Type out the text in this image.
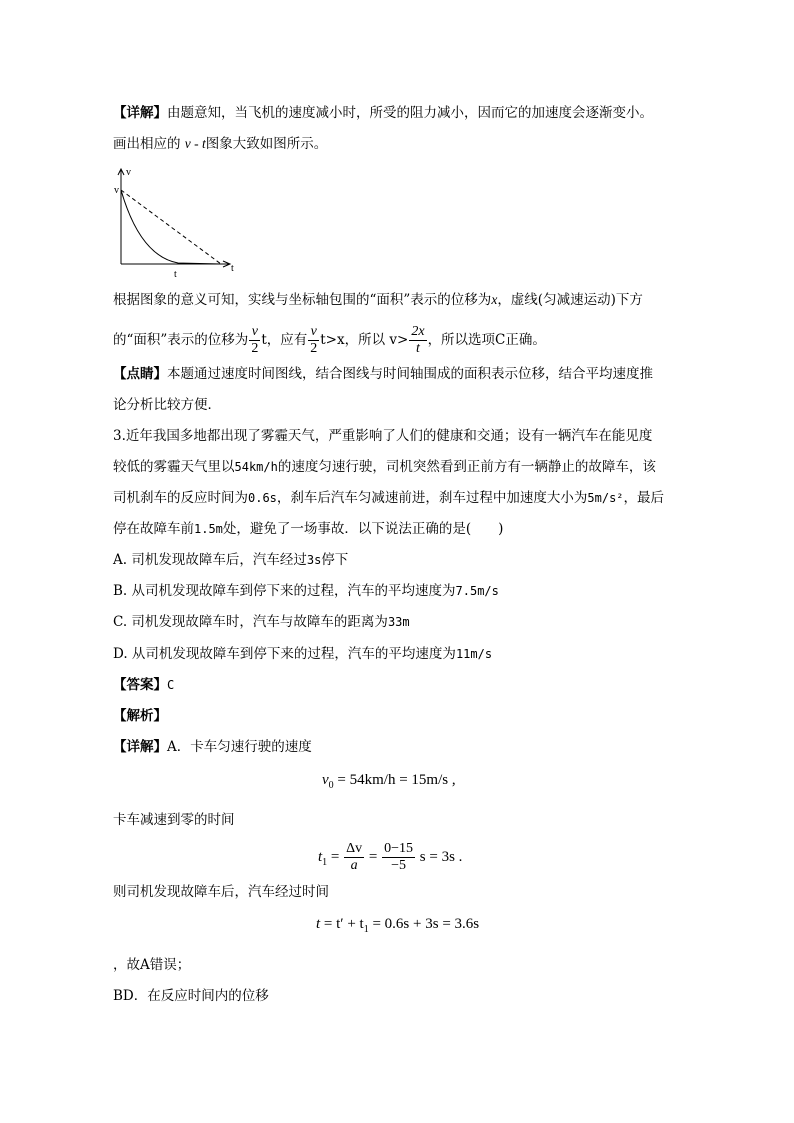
【详解】由题意知，当飞机的速度减小时，所受的阻力减小，因而它的加速度会逐渐变小。
画出相应的 v - t图象大致如图所示。
v
v
t
t
根据图象的意义可知，实线与坐标轴包围的“面积”表示的位移为x，虚线(匀减速运动)下方
的“面积”表示的位移为 $\frac{v}{2}$ t，应有 $\frac{v}{2} t>x$，所以 $v> \frac{2x}{t}$ ，所以选项C正确。
【点睛】本题通过速度时间图线，结合图线与时间轴围成的面积表示位移，结合平均速度推
论分析比较方便．
3.近年我国多地都出现了雾霾天气，严重影响了人们的健康和交通；设有一辆汽车在能见度
较低的雾霾天气里以54km/h的速度匀速行驶，司机突然看到正前方有一辆静止的故障车，该
司机刹车的反应时间为0.6s，刹车后汽车匀减速前进，刹车过程中加速度大小为5m/s²，最后
停在故障车前1.5m处，避免了一场事故．以下说法正确的是(　　)
A. 司机发现故障车后，汽车经过3s停下
B. 从司机发现故障车到停下来的过程，汽车的平均速度为7.5m/s
C. 司机发现故障车时，汽车与故障车的距离为33m
D. 从司机发现故障车到停下来的过程，汽车的平均速度为11m/s
【答案】C
【解析】
【详解】A．卡车匀速行驶的速度
$v_0 = 54km/h = 15m/s$ ,
卡车减速到零的时间
$t_1 = \frac{\Delta v}{a} = \frac{0-15}{-5}$ s = 3s .
则司机发现故障车后，汽车经过时间
$t = t' + t_1 = 0.6s + 3s = 3.6s$
，故A错误；
BD．在反应时间内的位移
